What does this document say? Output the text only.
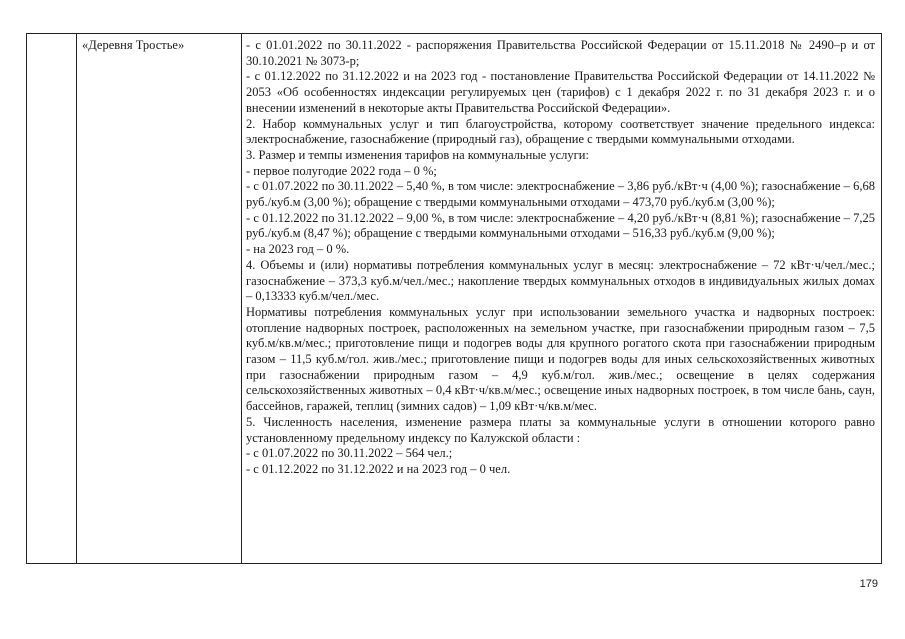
«Деревня Тростье»	- с 01.01.2022 по 30.11.2022 - распоряжения Правительства Российской Федерации от 15.11.2018 № 2490–р и от 30.10.2021 № 3073-р;

- с 01.12.2022 по 31.12.2022 и на 2023 год - постановление Правительства Российской Федерации от 14.11.2022 № 2053 «Об особенностях индексации регулируемых цен (тарифов) с 1 декабря 2022 г. по 31 декабря 2023 г. и о внесении изменений в некоторые акты Правительства Российской Федерации».

2. Набор коммунальных услуг и тип благоустройства, которому соответствует значение предельного индекса: электроснабжение, газоснабжение (природный газ), обращение с твердыми коммунальными отходами.

3. Размер и темпы изменения тарифов на коммунальные услуги:

- первое полугодие 2022 года – 0 %;

- с 01.07.2022 по 30.11.2022 – 5,40 %, в том числе: электроснабжение – 3,86 руб./кВт·ч (4,00 %); газоснабжение – 6,68 руб./куб.м (3,00 %); обращение с твердыми коммунальными отходами – 473,70 руб./куб.м (3,00 %);

- с 01.12.2022 по 31.12.2022 – 9,00 %, в том числе: электроснабжение – 4,20 руб./кВт·ч (8,81 %); газоснабжение – 7,25 руб./куб.м (8,47 %); обращение с твердыми коммунальными отходами – 516,33 руб./куб.м (9,00 %);

- на 2023 год – 0 %.

4. Объемы и (или) нормативы потребления коммунальных услуг в месяц: электроснабжение – 72 кВт·ч/чел./мес.; газоснабжение – 373,3 куб.м/чел./мес.; накопление твердых коммунальных отходов в индивидуальных жилых домах – 0,13333 куб.м/чел./мес.

Нормативы потребления коммунальных услуг при использовании земельного участка и надворных построек: отопление надворных построек, расположенных на земельном участке, при газоснабжении природным газом – 7,5 куб.м/кв.м/мес.; приготовление пищи и подогрев воды для крупного рогатого скота при газоснабжении природным газом – 11,5 куб.м/гол. жив./мес.; приготовление пищи и подогрев воды для иных сельскохозяйственных животных при газоснабжении природным газом – 4,9 куб.м/гол. жив./мес.; освещение в целях содержания сельскохозяйственных животных – 0,4 кВт·ч/кв.м/мес.; освещение иных надворных построек, в том числе бань, саун, бассейнов, гаражей, теплиц (зимних садов) – 1,09 кВт·ч/кв.м/мес.

5. Численность населения, изменение размера платы за коммунальные услуги в отношении которого равно установленному предельному индексу по Калужской области :

- с 01.07.2022 по 30.11.2022 – 564 чел.;

- с 01.12.2022 по 31.12.2022 и на 2023 год – 0 чел.

179
